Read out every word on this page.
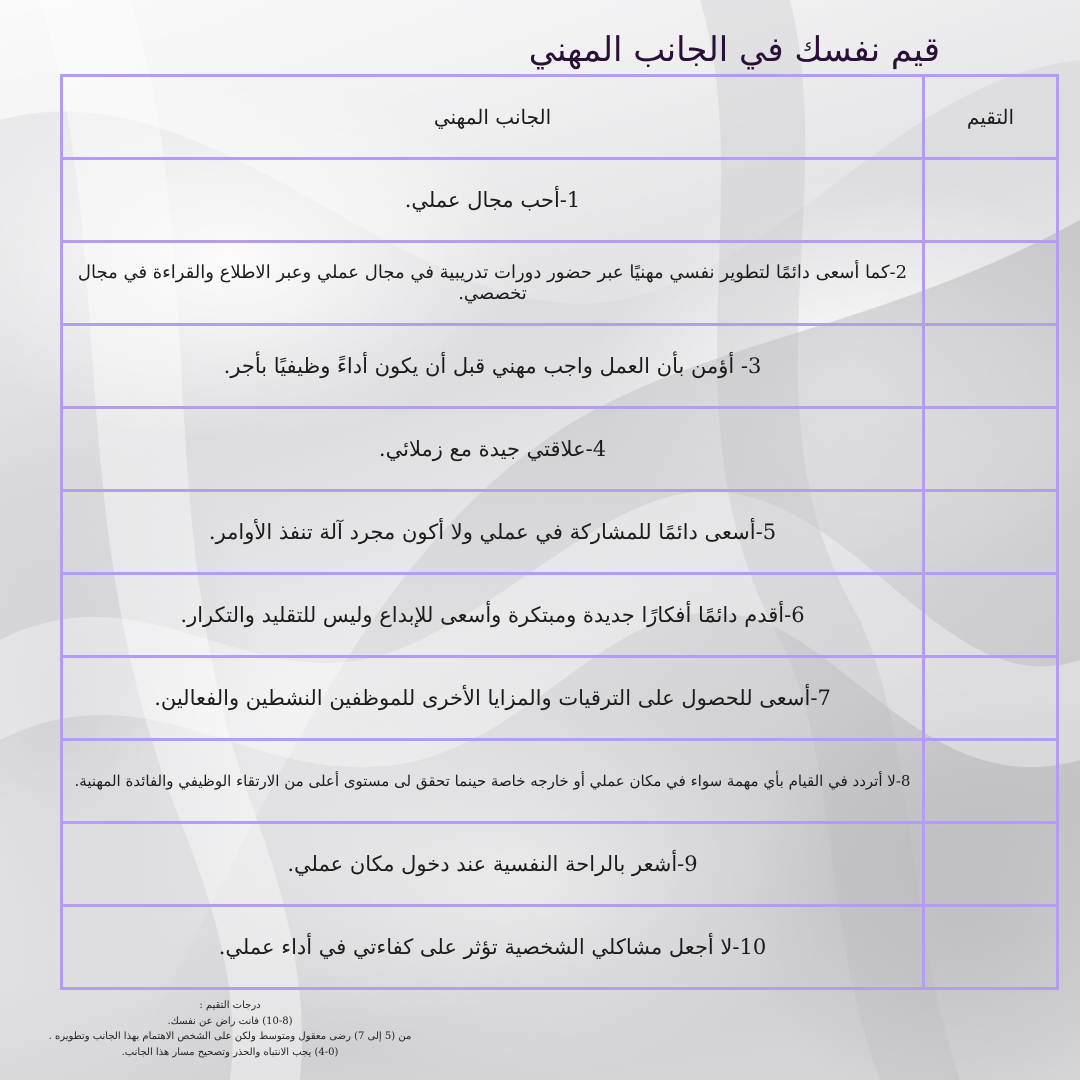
قيم نفسك في الجانب المهني
التقيم	الجانب المهني
	1-أحب مجال عملي.
	2-كما أسعى دائمًا لتطوير نفسي مهنيًا عبر حضور دورات تدريبية في مجال عملي وعبر الاطلاع والقراءة في مجال تخصصي.
	3- أؤمن بأن العمل واجب مهني قبل أن يكون أداءً وظيفيًا بأجر.
	4-علاقتي جيدة مع زملائي.
	5-أسعى دائمًا للمشاركة في عملي ولا أكون مجرد آلة تنفذ الأوامر.
	6-أقدم دائمًا أفكارًا جديدة ومبتكرة وأسعى للإبداع وليس للتقليد والتكرار.
	7-أسعى للحصول على الترقيات والمزايا الأخرى للموظفين النشطين والفعالين.
	8-لا أتردد في القيام بأي مهمة سواء في مكان عملي أو خارجه خاصة حينما تحقق لى مستوى أعلى من الارتقاء الوظيفي والفائدة المهنية.
	9-أشعر بالراحة النفسية عند دخول مكان عملي.
	10-لا أجعل مشاكلي الشخصية تؤثر على كفاءتي في أداء عملي.
درجات التقيم :
(10-8) فانت راض عن نفسك.
من (5 إلى 7) رضى معقول ومتوسط ولكن على الشخص الاهتمام بهذا الجانب وتطويره .
(4-0) يجب الانتباه والحذر وتصحيح مسار هذا الجانب.
